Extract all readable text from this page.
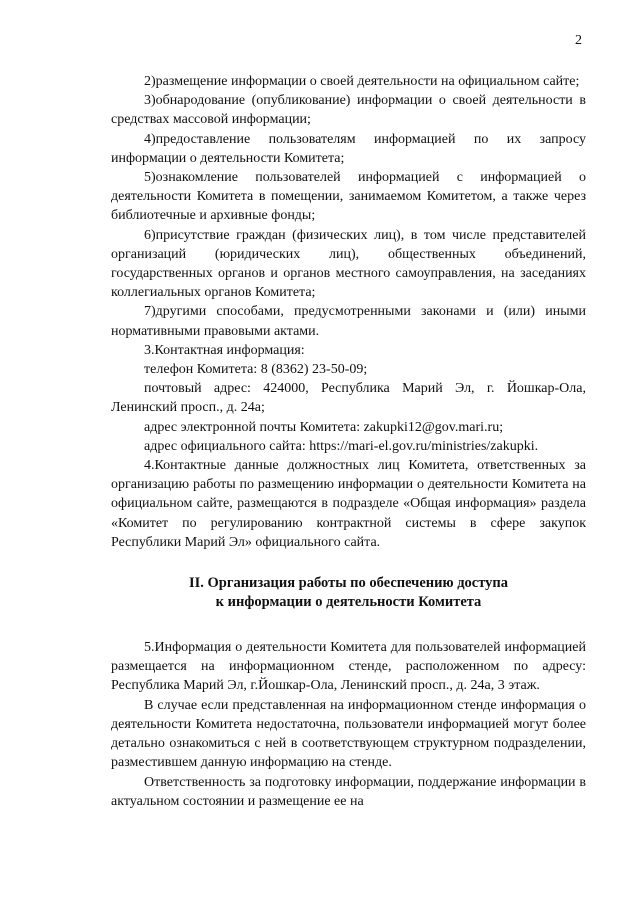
2

2)размещение информации о своей деятельности на официальном сайте;

3)обнародование (опубликование) информации о своей деятельности в средствах массовой информации;

4)предоставление пользователям информацией по их запросу информации о деятельности Комитета;

5)ознакомление пользователей информацией с информацией о деятельности Комитета в помещении, занимаемом Комитетом, а также через библиотечные и архивные фонды;

6)присутствие граждан (физических лиц), в том числе представителей организаций (юридических лиц), общественных объединений, государственных органов и органов местного самоуправления, на заседаниях коллегиальных органов Комитета;

7)другими способами, предусмотренными законами и (или) иными нормативными правовыми актами.

3.Контактная информация:

телефон Комитета: 8 (8362) 23-50-09;

почтовый адрес: 424000, Республика Марий Эл, г. Йошкар-Ола, Ленинский просп., д. 24а;

адрес электронной почты Комитета: zakupki12@gov.mari.ru;

адрес официального сайта: https://mari-el.gov.ru/ministries/zakupki.

4.Контактные данные должностных лиц Комитета, ответственных за организацию работы по размещению информации о деятельности Комитета на официальном сайте, размещаются в подразделе «Общая информация» раздела «Комитет по регулированию контрактной системы в сфере закупок Республики Марий Эл» официального сайта.

II. Организация работы по обеспечению доступа
к информации о деятельности Комитета

5.Информация о деятельности Комитета для пользователей информацией размещается на информационном стенде, расположенном по адресу: Республика Марий Эл, г.Йошкар-Ола, Ленинский просп., д. 24а, 3 этаж.

В случае если представленная на информационном стенде информация о деятельности Комитета недостаточна, пользователи информацией могут более детально ознакомиться с ней в соответствующем структурном подразделении, разместившем данную информацию на стенде.

Ответственность за подготовку информации, поддержание информации в актуальном состоянии и размещение ее на
